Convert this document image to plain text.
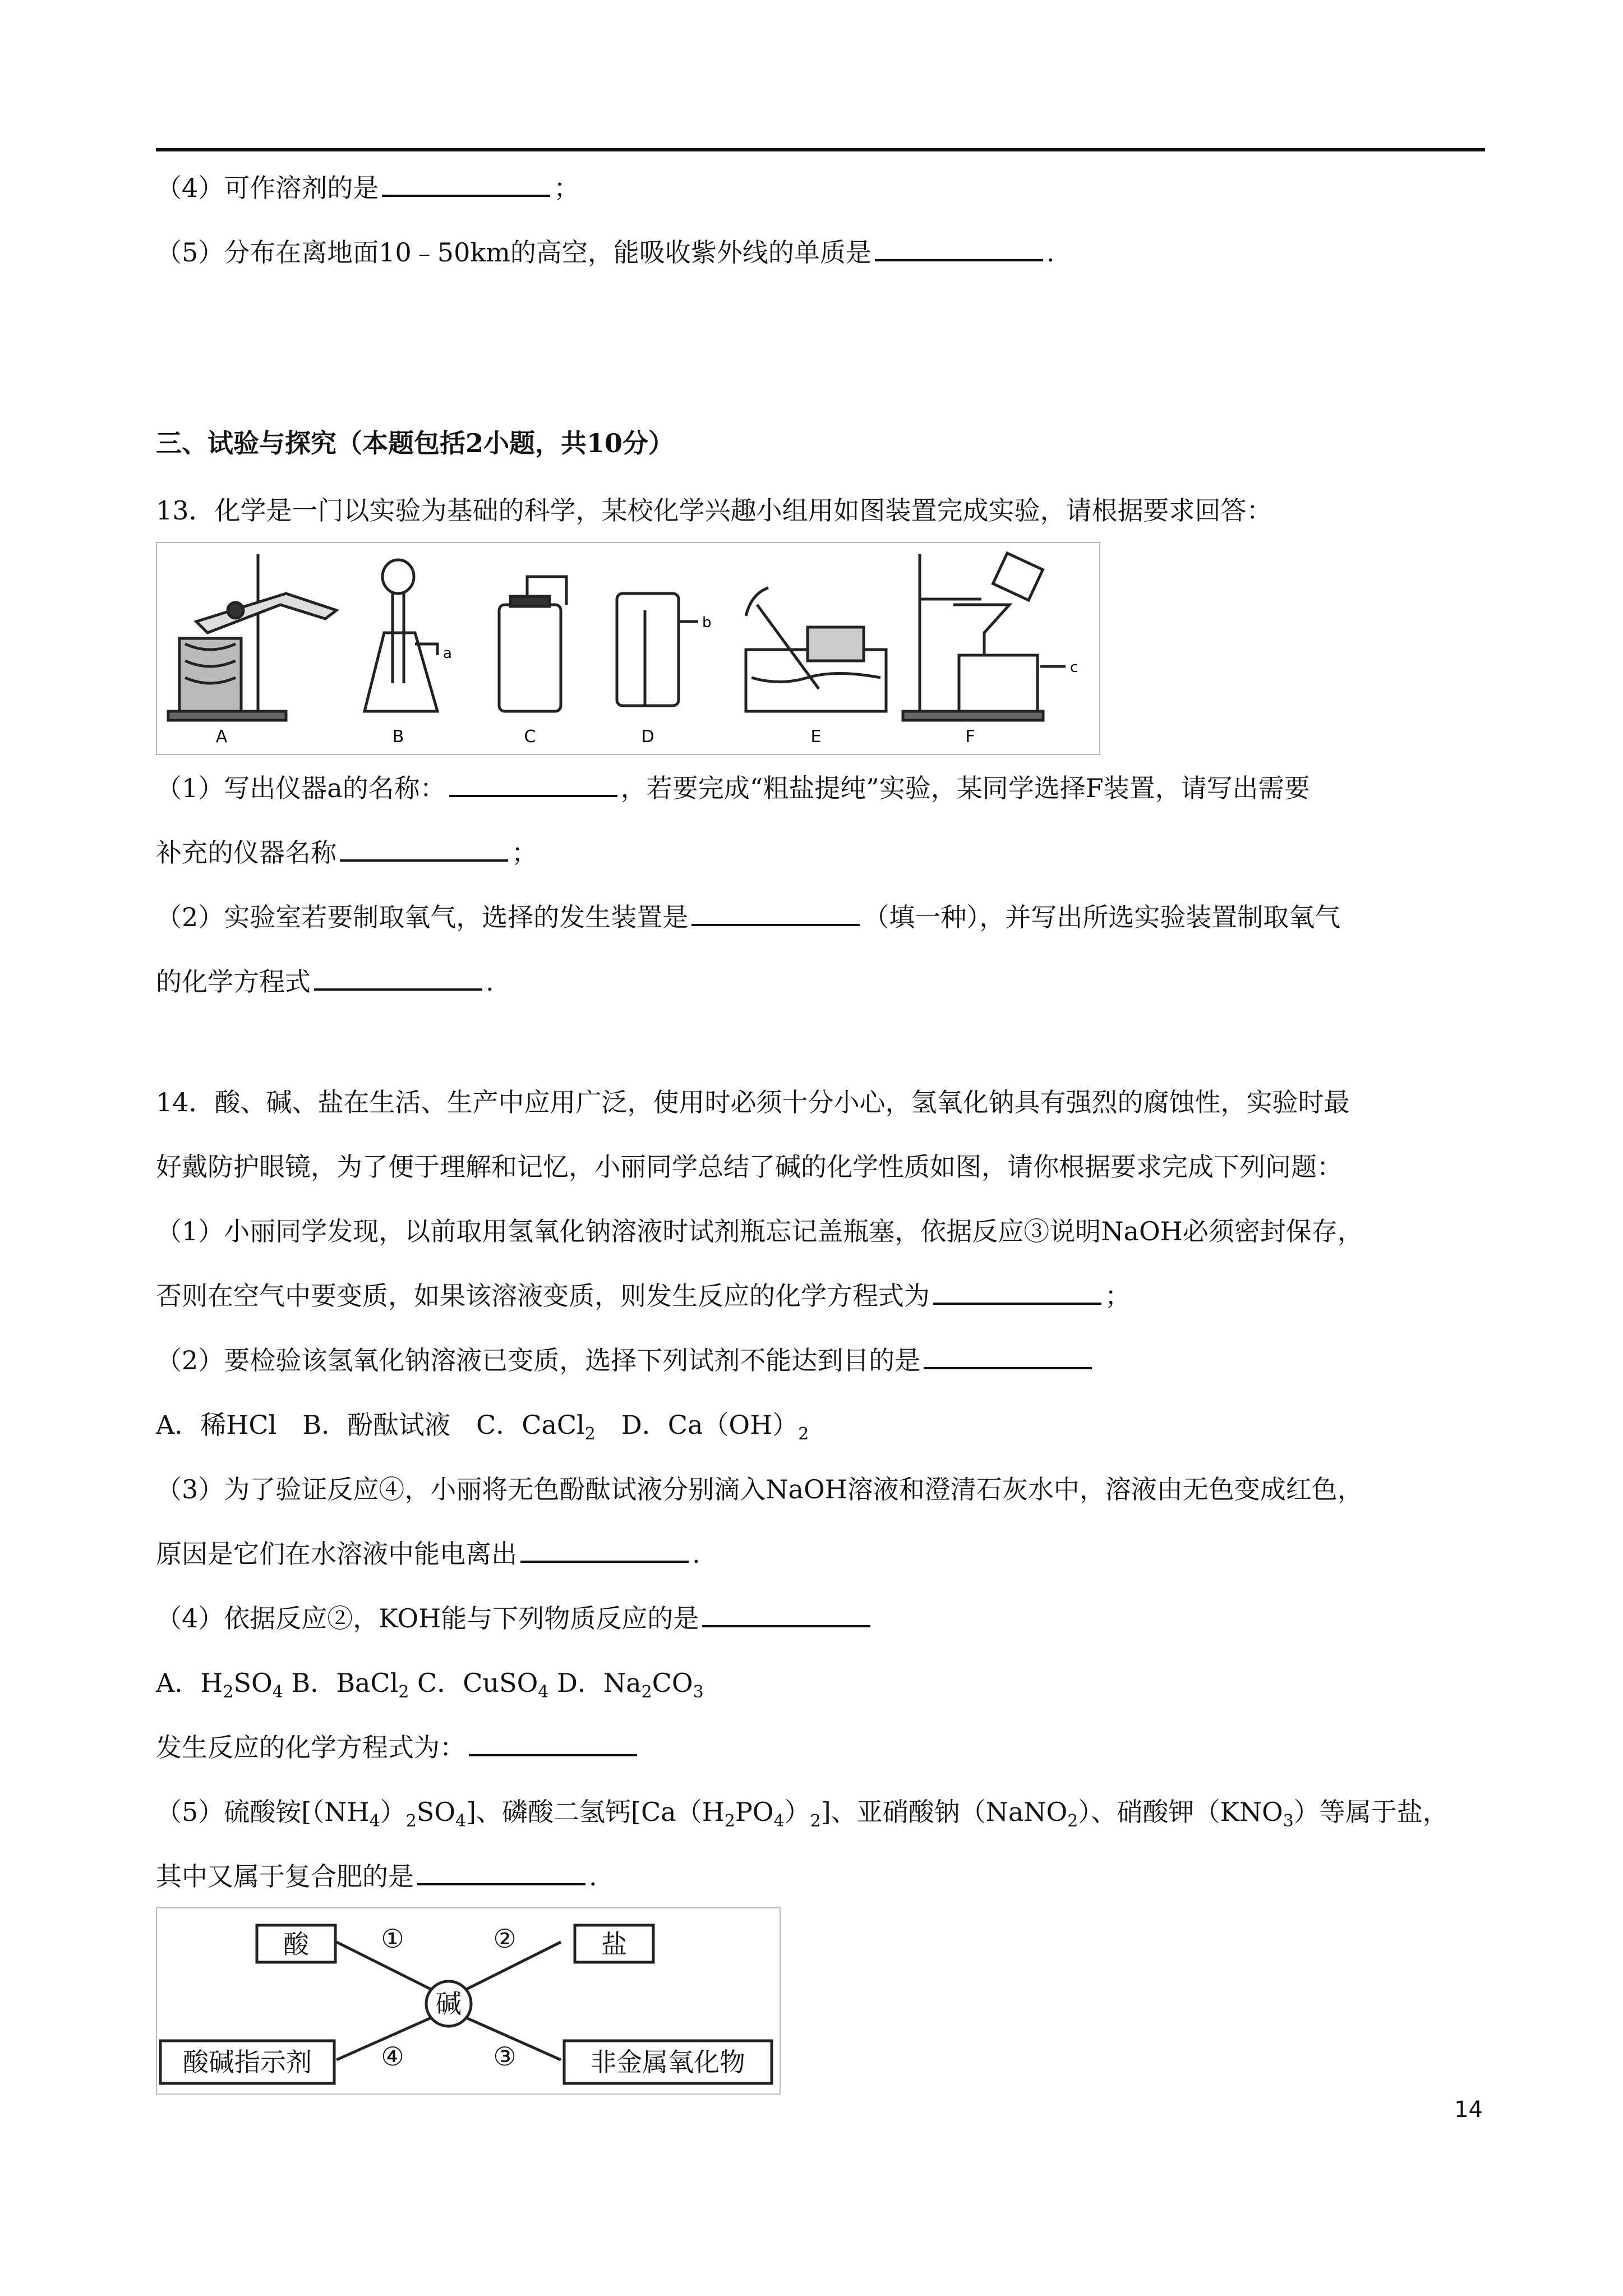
（4）可作溶剂的是	；
（5）分布在离地面10﹣50km的高空，能吸收紫外线的单质是	.
三、试验与探究（本题包括2小题，共10分）
13．化学是一门以实验为基础的科学，某校化学兴趣小组用如图装置完成实验，请根据要求回答：
A	B	C	D	E	F
a
b
c
（1）写出仪器a的名称：	，若要完成“粗盐提纯”实验，某同学选择F装置，请写出需要
补充的仪器名称	；
（2）实验室若要制取氧气，选择的发生装置是	（填一种），并写出所选实验装置制取氧气
的化学方程式	.
14．酸、碱、盐在生活、生产中应用广泛，使用时必须十分小心，氢氧化钠具有强烈的腐蚀性，实验时最
好戴防护眼镜，为了便于理解和记忆，小丽同学总结了碱的化学性质如图，请你根据要求完成下列问题：
（1）小丽同学发现，以前取用氢氧化钠溶液时试剂瓶忘记盖瓶塞，依据反应③说明NaOH必须密封保存，
否则在空气中要变质，如果该溶液变质，则发生反应的化学方程式为	；
（2）要检验该氢氧化钠溶液已变质，选择下列试剂不能达到目的是
A．稀HCl　B．酚酞试液　C．CaCl$_2$　D．$Ca(OH)_2$
（3）为了验证反应④，小丽将无色酚酞试液分别滴入NaOH溶液和澄清石灰水中，溶液由无色变成红色，
原因是它们在水溶液中能电离出	.
（4）依据反应②，KOH能与下列物质反应的是
A．$H_2SO_4$ B．BaCl$_2$ C．CuSO$_4$ D．$Na_2CO_3$
发生反应的化学方程式为：
（5）硫酸铵$[(NH_4)_2SO_4]$、磷酸二氢钙$[Ca(H_2PO_4)_2]$、亚硝酸钠（NaNO$_2$）、硝酸钾$(KNO_3)$等属于盐，
其中又属于复合肥的是	.
酸	盐
酸碱指示剂	非金属氧化物
碱
①	②
③
④
14
